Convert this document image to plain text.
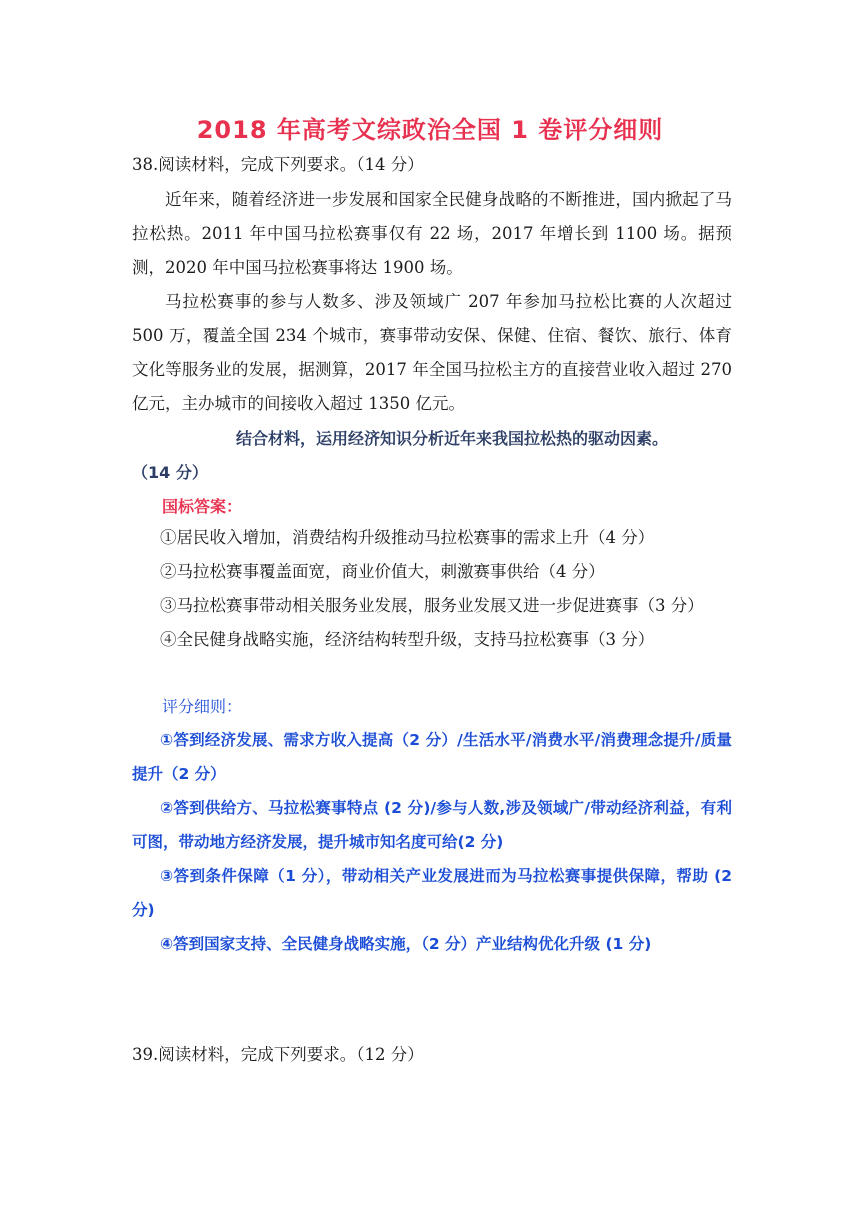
2018 年高考文综政治全国 1 卷评分细则
38.阅读材料，完成下列要求。（14 分）

近年来，随着经济进一步发展和国家全民健身战略的不断推进，国内掀起了马拉松热。2011 年中国马拉松赛事仅有 22 场，2017 年增长到 1100 场。据预测，2020 年中国马拉松赛事将达 1900 场。

马拉松赛事的参与人数多、涉及领域广 207 年参加马拉松比赛的人次超过 500 万，覆盖全国 234 个城市，赛事带动安保、保健、住宿、餐饮、旅行、体育文化等服务业的发展，据测算，2017 年全国马拉松主方的直接营业收入超过 270 亿元，主办城市的间接收入超过 1350 亿元。

结合材料，运用经济知识分析近年来我国拉松热的驱动因素。
（14 分）
国标答案：
①居民收入增加，消费结构升级推动马拉松赛事的需求上升（4 分）
②马拉松赛事覆盖面宽，商业价值大，刺激赛事供给（4 分）
③马拉松赛事带动相关服务业发展，服务业发展又进一步促进赛事（3 分）
④全民健身战略实施，经济结构转型升级，支持马拉松赛事（3 分）
评分细则：
①答到经济发展、需求方收入提高（2 分）/生活水平/消费水平/消费理念提升/质量提升（2 分）
②答到供给方、马拉松赛事特点 (2 分)/参与人数,涉及领域广/带动经济利益，有利可图，带动地方经济发展，提升城市知名度可给(2 分)
③答到条件保障（1 分），带动相关产业发展进而为马拉松赛事提供保障，帮助 (2 分)
④答到国家支持、全民健身战略实施，（2 分）产业结构优化升级 (1 分)
39.阅读材料，完成下列要求。（12 分）
